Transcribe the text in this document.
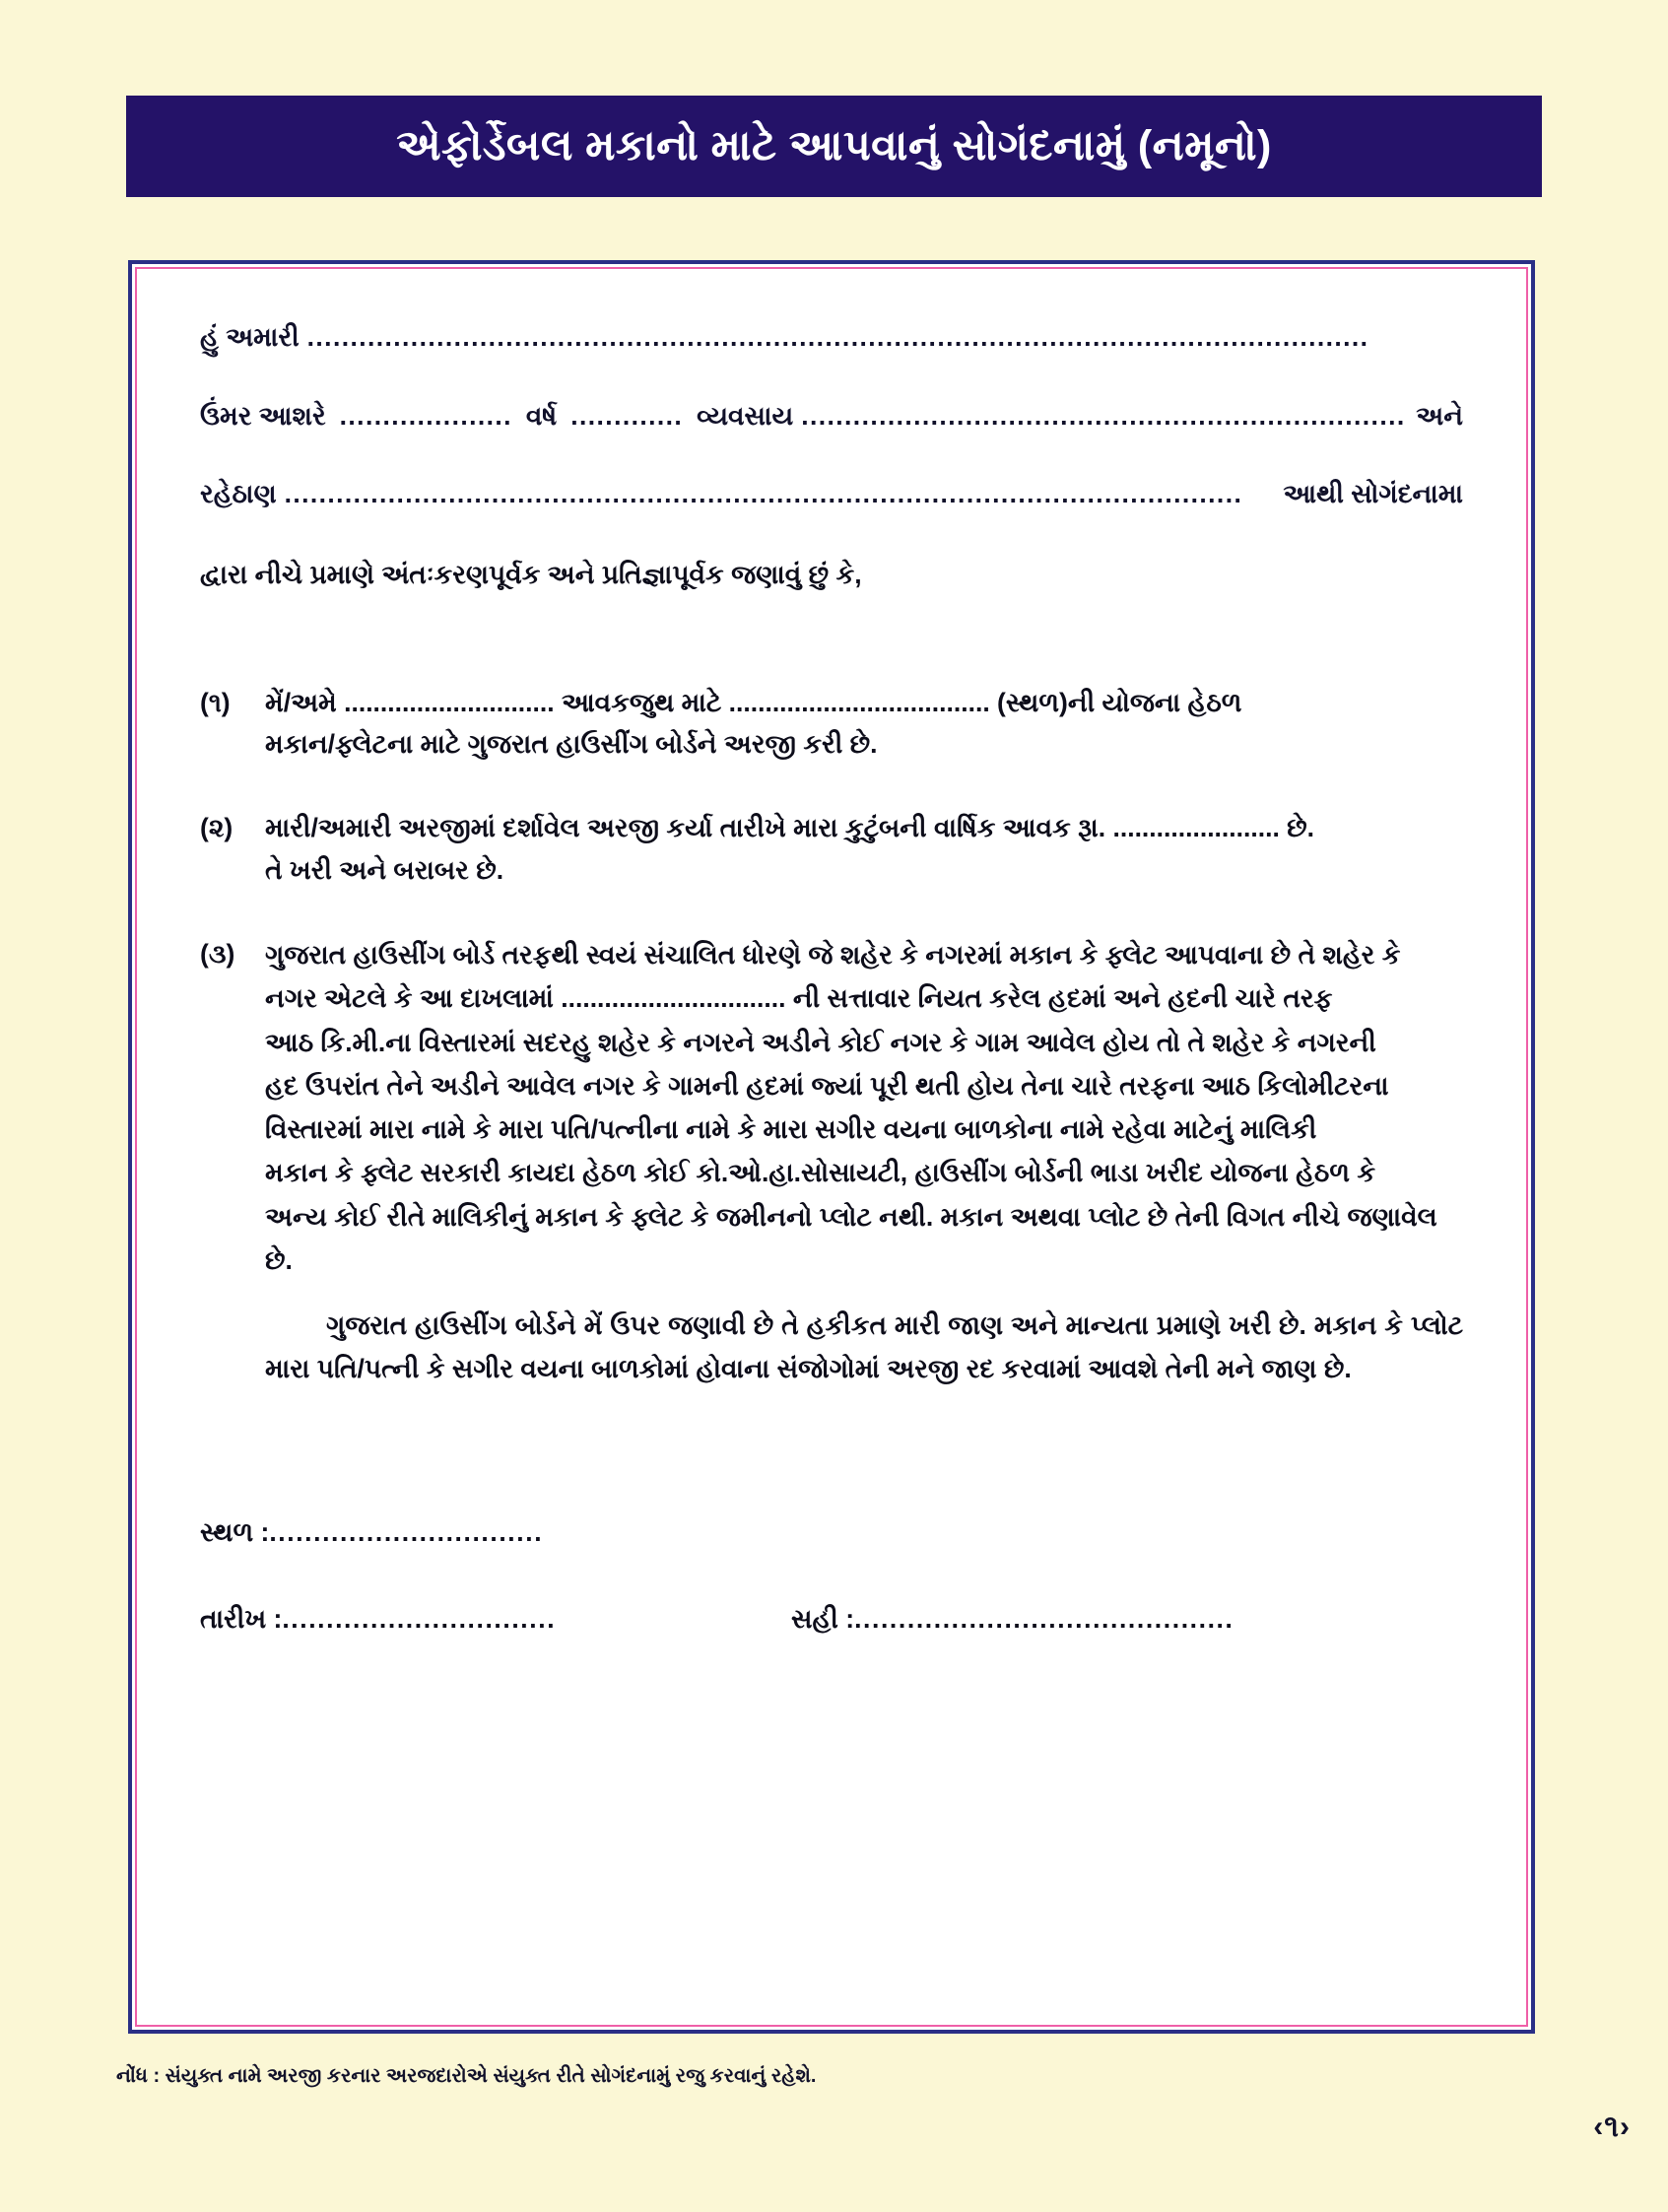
એફોર્ડેબલ મકાનો માટે આપવાનું સોગંદનામું (નમૂનો)
હું અમારી ...........................................................................................................................
ઉંમર આશરે .................... વર્ષ ............. વ્યવસાય ...................................................................... અને
રહેઠાણ ...............................................................................................................	આથી સોગંદનામા
દ્વારા નીચે પ્રમાણે અંતઃકરણપૂર્વક અને પ્રતિજ્ઞાપૂર્વક જણાવું છું કે,
(૧)	મેં/અમે ............................. આવકજુથ માટે .................................... (સ્થળ)ની યોજના હેઠળ
મકાન/ફ્લેટના માટે ગુજરાત હાઉસીંગ બોર્ડને અરજી કરી છે.
(૨)	મારી/અમારી અરજીમાં દર્શાવેલ અરજી કર્યા તારીખે મારા કુટુંબની વાર્ષિક આવક રૂા. ....................... છે.
તે ખરી અને બરાબર છે.
(૩)	ગુજરાત હાઉસીંગ બોર્ડ તરફથી સ્વયં સંચાલિત ધોરણે જે શહેર કે નગરમાં મકાન કે ફ્લેટ આપવાના છે તે શહેર કે
નગર એટલે કે આ દાખલામાં ............................... ની સત્તાવાર નિયત કરેલ હદમાં અને હદની ચારે તરફ
આઠ કિ.મી.ના વિસ્તારમાં સદરહુ શહેર કે નગરને અડીને કોઈ નગર કે ગામ આવેલ હોય તો તે શહેર કે નગરની
હદ ઉપરાંત તેને અડીને આવેલ નગર કે ગામની હદમાં જ્યાં પૂરી થતી હોય તેના ચારે તરફના આઠ કિલોમીટરના
વિસ્તારમાં મારા નામે કે મારા પતિ/પત્નીના નામે કે મારા સગીર વયના બાળકોના નામે રહેવા માટેનું માલિકી
મકાન કે ફ્લેટ સરકારી કાયદા હેઠળ કોઈ કો.ઓ.હા.સોસાયટી, હાઉસીંગ બોર્ડની ભાડા ખરીદ યોજના હેઠળ કે
અન્ય કોઈ રીતે માલિકીનું મકાન કે ફ્લેટ કે જમીનનો પ્લોટ નથી. મકાન અથવા પ્લોટ છે તેની વિગત નીચે જણાવેલ
છે.
ગુજરાત હાઉસીંગ બોર્ડને મેં ઉપર જણાવી છે તે હકીકત મારી જાણ અને માન્યતા પ્રમાણે ખરી છે. મકાન કે પ્લોટ મારા પતિ/પત્ની કે સગીર વયના બાળકોમાં હોવાના સંજોગોમાં અરજી રદ કરવામાં આવશે તેની મને જાણ છે.
સ્થળ :...............................
તારીખ :...............................	સહી :...........................................
નોંધ : સંયુક્ત નામે અરજી કરનાર અરજદારોએ સંયુક્ત રીતે સોગંદનામું રજુ કરવાનું રહેશે.
‹૧›
